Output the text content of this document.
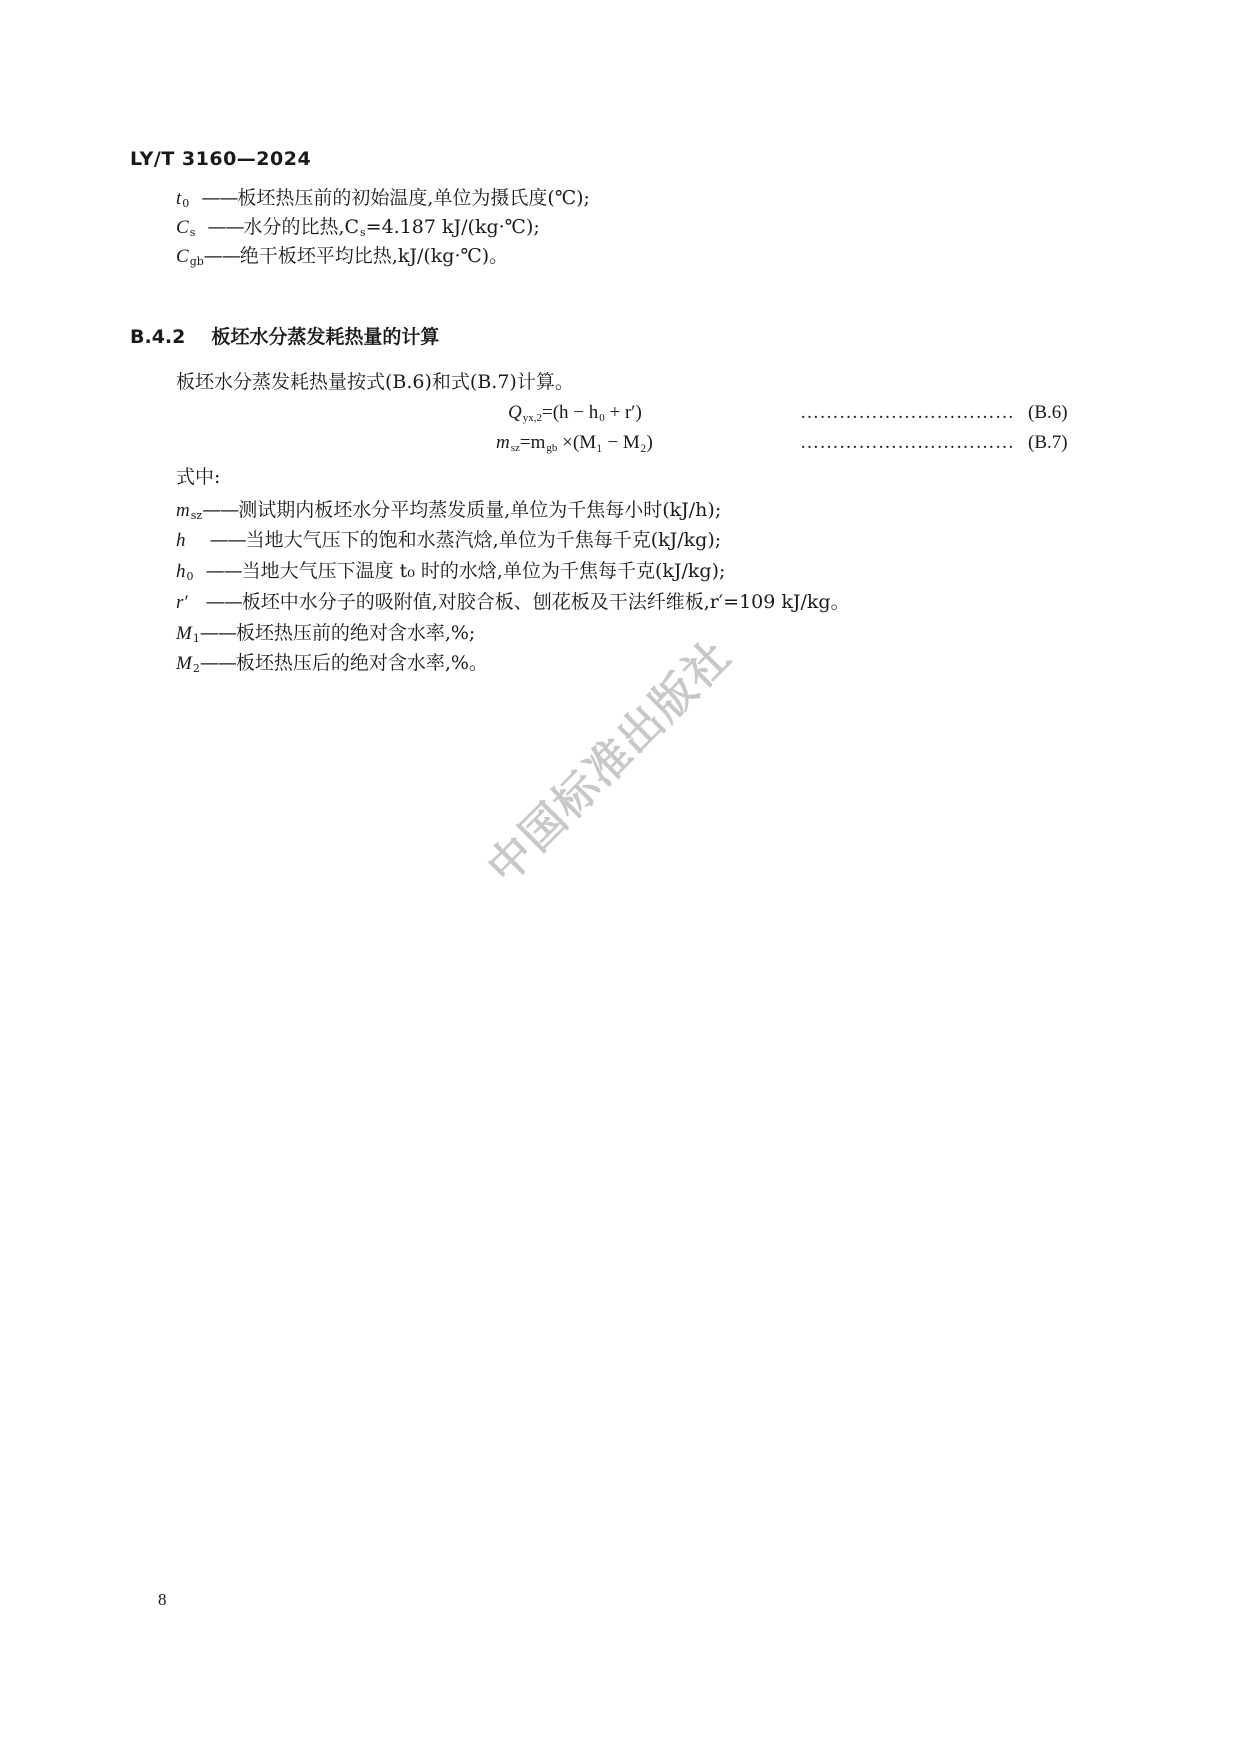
LY/T 3160—2024
$t_0$ ——板坯热压前的初始温度,单位为摄氏度(℃);
$C_s$ ——水分的比热$,C_s=4.187$ kJ/(kg·℃);
$C_{gb}——$绝干板坯平均比热,kJ/(kg·℃)。
B.4.2 板坯水分蒸发耗热量的计算
板坯水分蒸发耗热量按式(B.6)和式(B.7)计算。
$Q_{yx,2}=(h - h_0 + r')$	…………………………… (B.6)
$m_{sz}=m_{gb} \times(M_1 - M_2)$	…………………………… (B.7)
式中:
$m_{sz}——$测试期内板坯水分平均蒸发质量,单位为千焦每小时(kJ/h);
h ——当地大气压下的饱和水蒸汽焓,单位为千焦每千克(kJ/kg);
$h_0$ ——当地大气压下温度 t₀ 时的水焓,单位为千焦每千克(kJ/kg);
r′ ——板坯中水分子的吸附值,对胶合板、刨花板及干法纤维板,r′=109 kJ/kg。
$M_1——$板坯热压前的绝对含水率,%;
$M_2——$板坯热压后的绝对含水率,%。
中国标准出版社
8
